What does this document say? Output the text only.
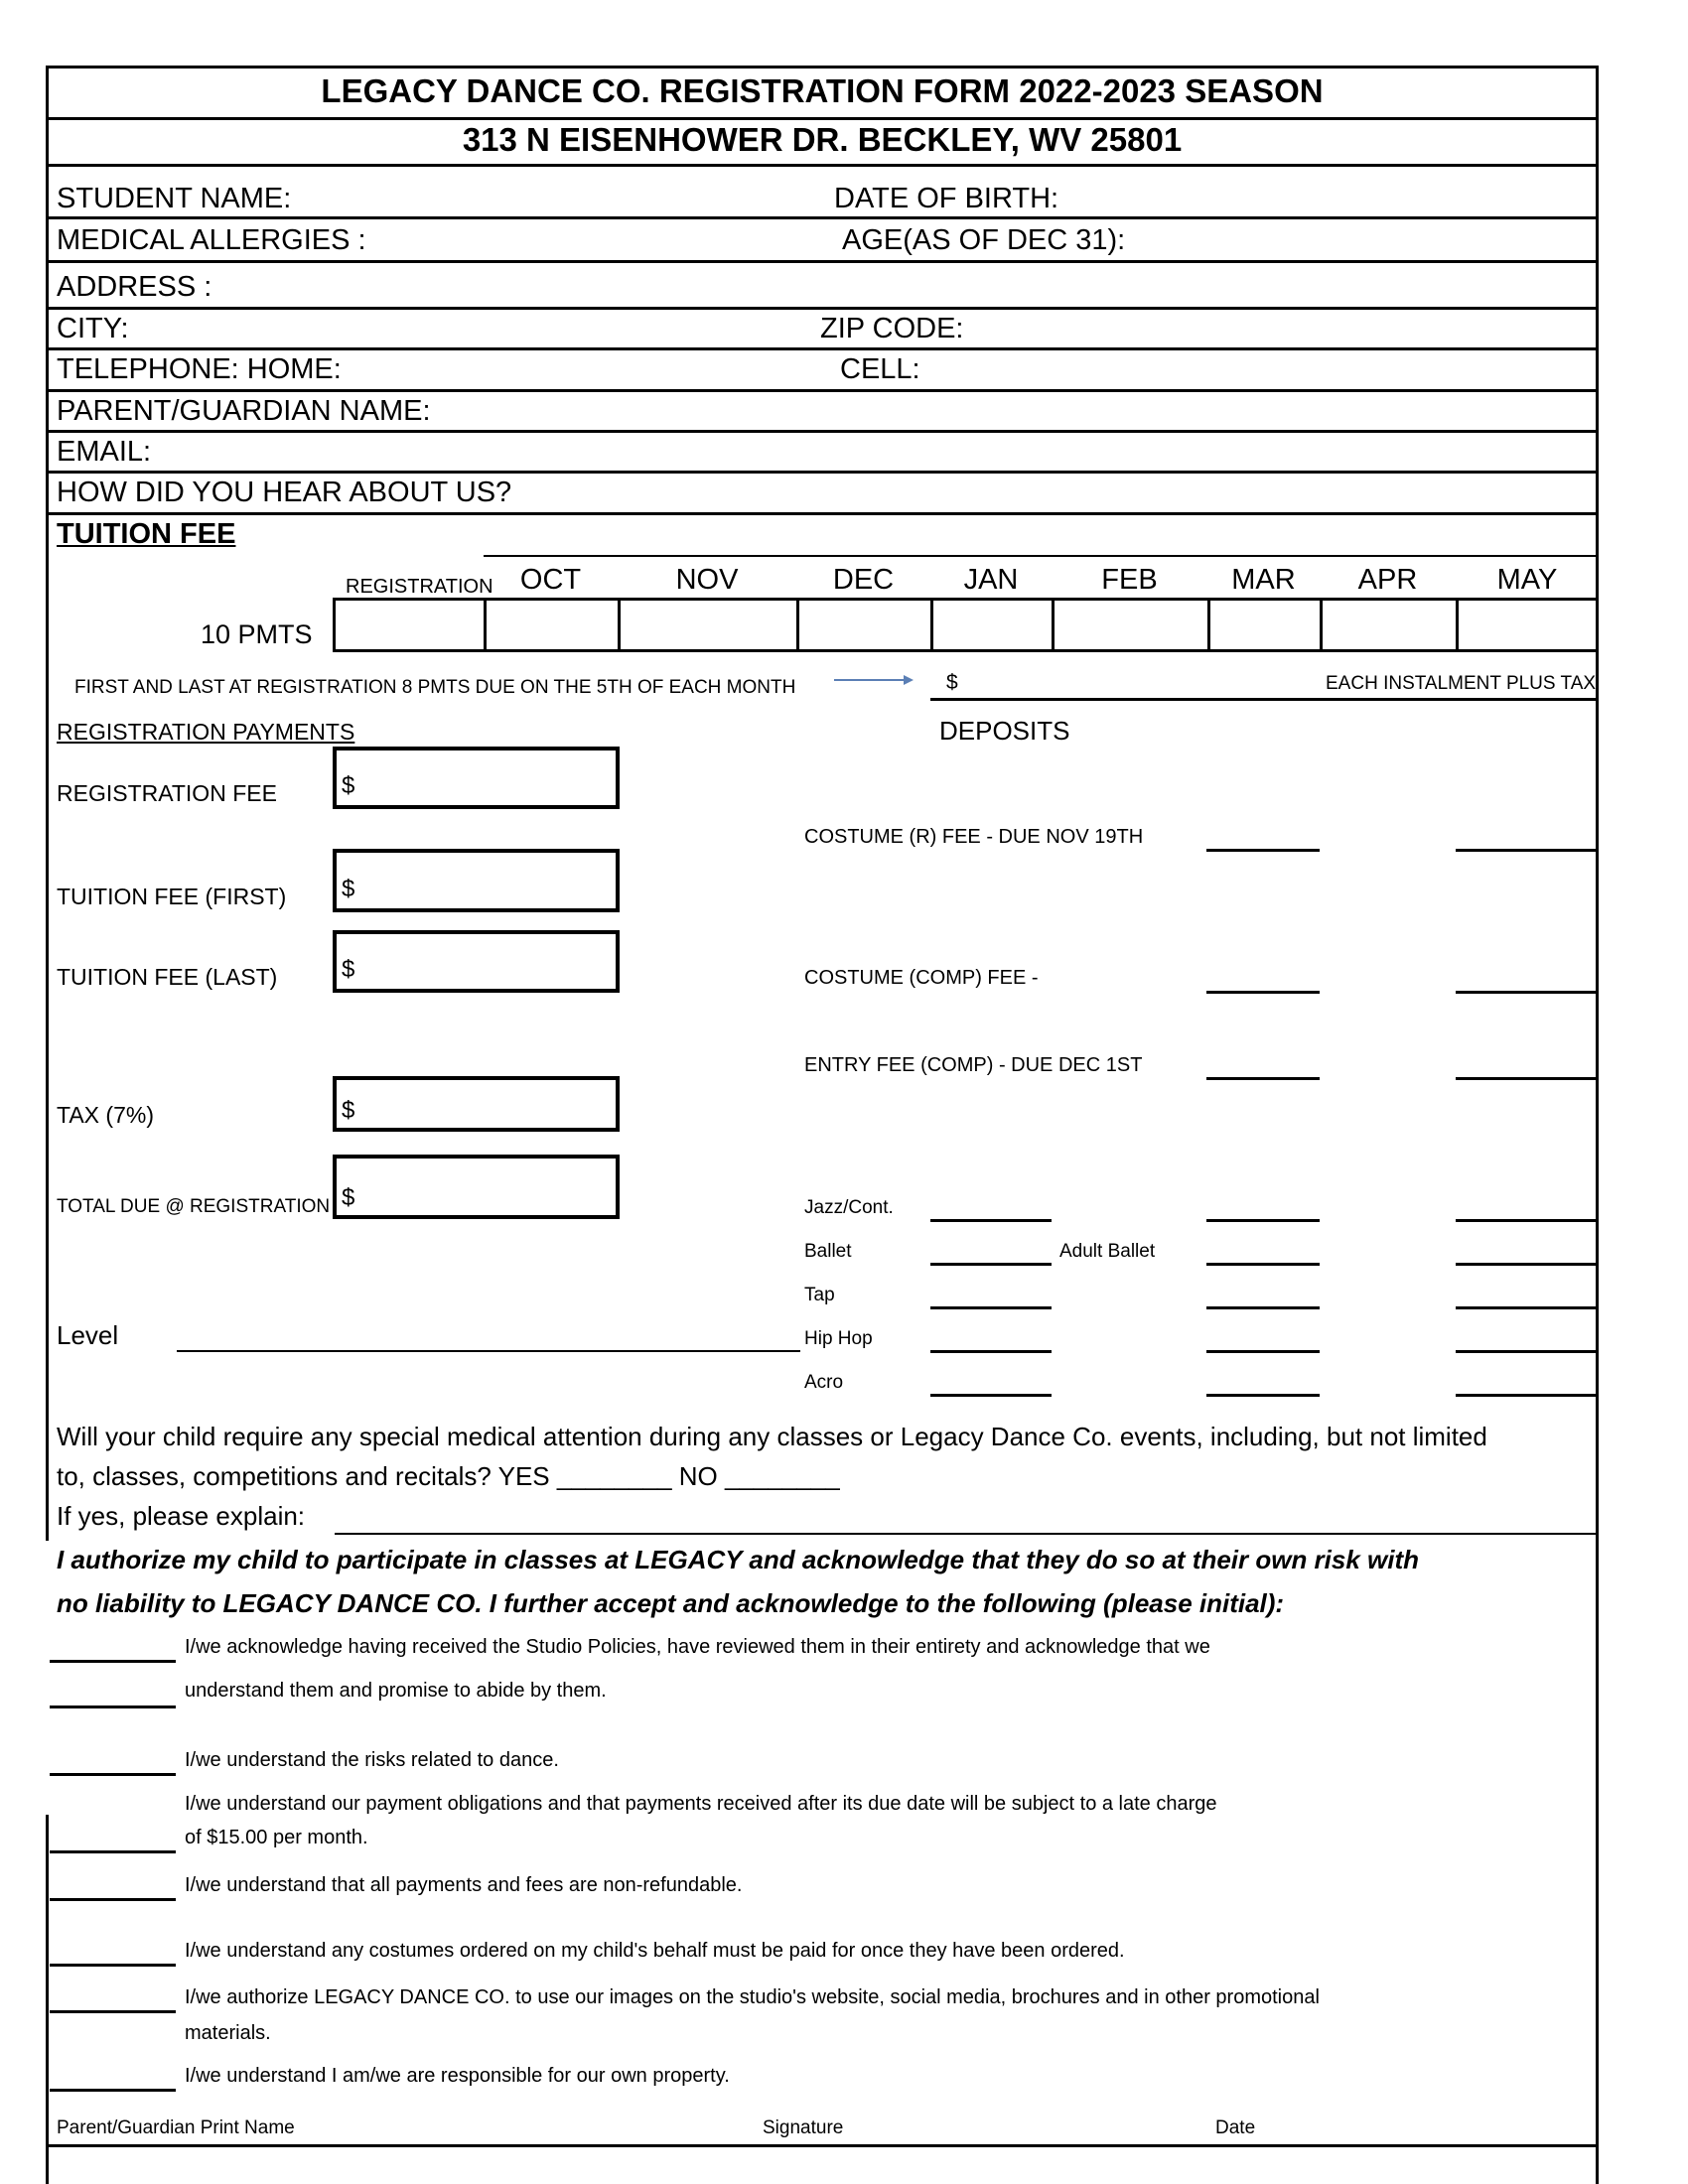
LEGACY DANCE CO. REGISTRATION FORM 2022-2023 SEASON
313 N EISENHOWER DR. BECKLEY, WV 25801
STUDENT NAME:	DATE OF BIRTH:
MEDICAL ALLERGIES :	AGE(AS OF DEC 31):
ADDRESS :
CITY:	ZIP CODE:
TELEPHONE: HOME:	CELL:
PARENT/GUARDIAN NAME:
EMAIL:
HOW DID YOU HEAR ABOUT US?
TUITION FEE
REGISTRATION OCT	NOV	DEC	JAN	FEB	MAR	APR	MAY
10 PMTS
FIRST AND LAST AT REGISTRATION 8 PMTS DUE ON THE 5TH OF EACH MONTH	$	EACH INSTALMENT PLUS TAX
REGISTRATION PAYMENTS	DEPOSITS
REGISTRATION FEE	$
TUITION FEE (FIRST) $
TUITION FEE (LAST)	$
TAX (7%)	$
TOTAL DUE @ REGISTRATION $
COSTUME (R) FEE - DUE NOV 19TH
COSTUME (COMP) FEE -
ENTRY FEE (COMP) - DUE DEC 1ST
Jazz/Cont.
Ballet	Adult Ballet
Tap
Hip Hop
Acro
Level
Will your child require any special medical attention during any classes or Legacy Dance Co. events, including, but not limited
to, classes, competitions and recitals? YES ________ NO ________
If yes, please explain:
I authorize my child to participate in classes at LEGACY and acknowledge that they do so at their own risk with
no liability to LEGACY DANCE CO. I further accept and acknowledge to the following (please initial):
I/we acknowledge having received the Studio Policies, have reviewed them in their entirety and acknowledge that we
understand them and promise to abide by them.
I/we understand the risks related to dance.
I/we understand our payment obligations and that payments received after its due date will be subject to a late charge
of $15.00 per month.
I/we understand that all payments and fees are non-refundable.
I/we understand any costumes ordered on my child's behalf must be paid for once they have been ordered.
I/we authorize LEGACY DANCE CO. to use our images on the studio's website, social media, brochures and in other promotional
materials.
I/we understand I am/we are responsible for our own property.
Parent/Guardian Print Name	Signature	Date
